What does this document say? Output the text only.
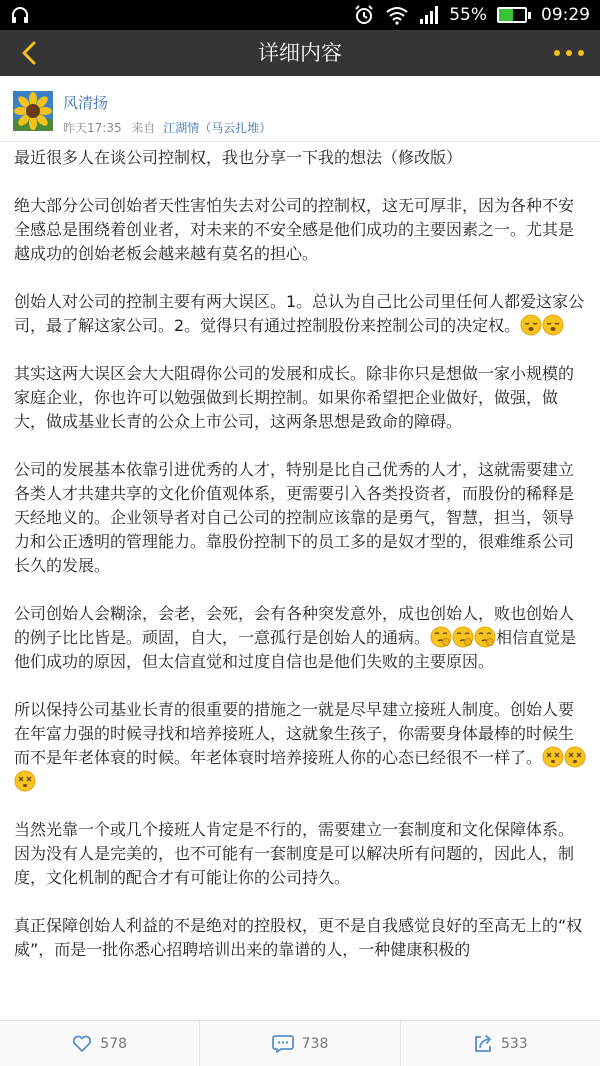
55%	09:29
详细内容
风清扬
昨天17:35 来自 江湖情（马云扎堆）

最近很多人在谈公司控制权，我也分享一下我的想法（修改版）

绝大部分公司创始者天性害怕失去对公司的控制权，这无可厚非，因为各种不安全感总是围绕着创业者，对未来的不安全感是他们成功的主要因素之一。尤其是越成功的创始老板会越来越有莫名的担心。

创始人对公司的控制主要有两大误区。1。总认为自己比公司里任何人都爱这家公司，最了解这家公司。2。觉得只有通过控制股份来控制公司的决定权。

其实这两大误区会大大阻碍你公司的发展和成长。除非你只是想做一家小规模的家庭企业，你也许可以勉强做到长期控制。如果你希望把企业做好，做强，做大，做成基业长青的公众上市公司，这两条思想是致命的障碍。

公司的发展基本依靠引进优秀的人才，特别是比自己优秀的人才，这就需要建立各类人才共建共享的文化价值观体系，更需要引入各类投资者，而股份的稀释是天经地义的。企业领导者对自己公司的控制应该靠的是勇气，智慧，担当，领导力和公正透明的管理能力。靠股份控制下的员工多的是奴才型的，很难维系公司长久的发展。

公司创始人会糊涂，会老，会死，会有各种突发意外，成也创始人，败也创始人的例子比比皆是。顽固，自大，一意孤行是创始人的通病。	相信直觉是他们成功的原因，但太信直觉和过度自信也是他们失败的主要原因。

所以保持公司基业长青的很重要的措施之一就是尽早建立接班人制度。创始人要在年富力强的时候寻找和培养接班人，这就象生孩子，你需要身体最棒的时候生而不是年老体衰的时候。年老体衰时培养接班人你的心态已经很不一样了。

当然光靠一个或几个接班人肯定是不行的，需要建立一套制度和文化保障体系。因为没有人是完美的，也不可能有一套制度是可以解决所有问题的，因此人，制度，文化机制的配合才有可能让你的公司持久。

真正保障创始人利益的不是绝对的控股权，更不是自我感觉良好的至高无上的“权威”，而是一批你悉心招聘培训出来的靠谱的人，一种健康积极的

578	738	533
